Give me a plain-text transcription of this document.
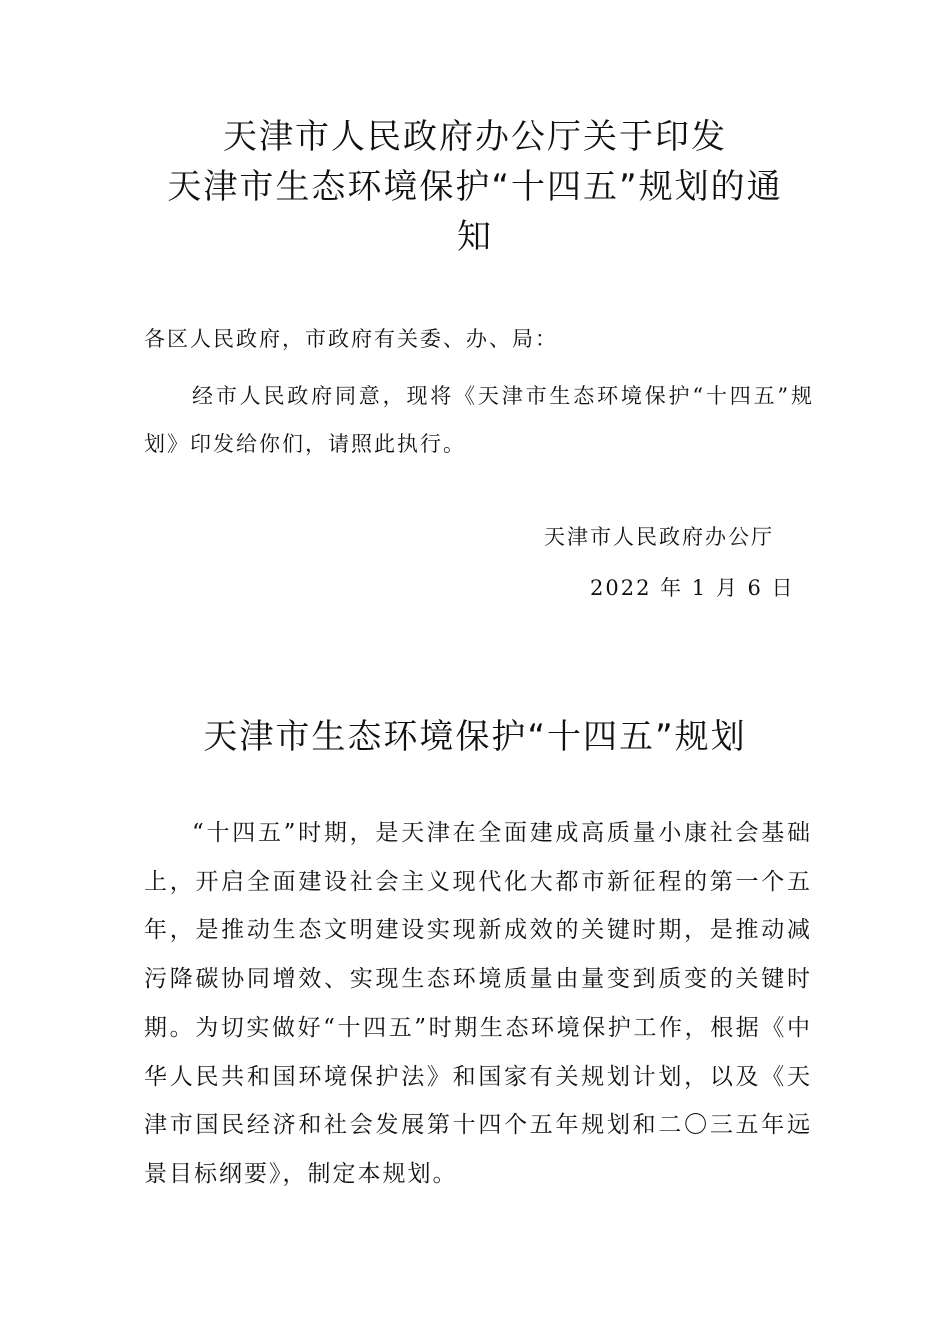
天津市人民政府办公厅关于印发
天津市生态环境保护“十四五”规划的通
知
各区人民政府，市政府有关委、办、局：
经市人民政府同意，现将《天津市生态环境保护“十四五”规划》印发给你们，请照此执行。
天津市人民政府办公厅
2022 年 1 月 6 日
天津市生态环境保护“十四五”规划
“十四五”时期，是天津在全面建成高质量小康社会基础上，开启全面建设社会主义现代化大都市新征程的第一个五年，是推动生态文明建设实现新成效的关键时期，是推动减污降碳协同增效、实现生态环境质量由量变到质变的关键时期。为切实做好“十四五”时期生态环境保护工作，根据《中华人民共和国环境保护法》和国家有关规划计划，以及《天津市国民经济和社会发展第十四个五年规划和二〇三五年远景目标纲要》，制定本规划。
